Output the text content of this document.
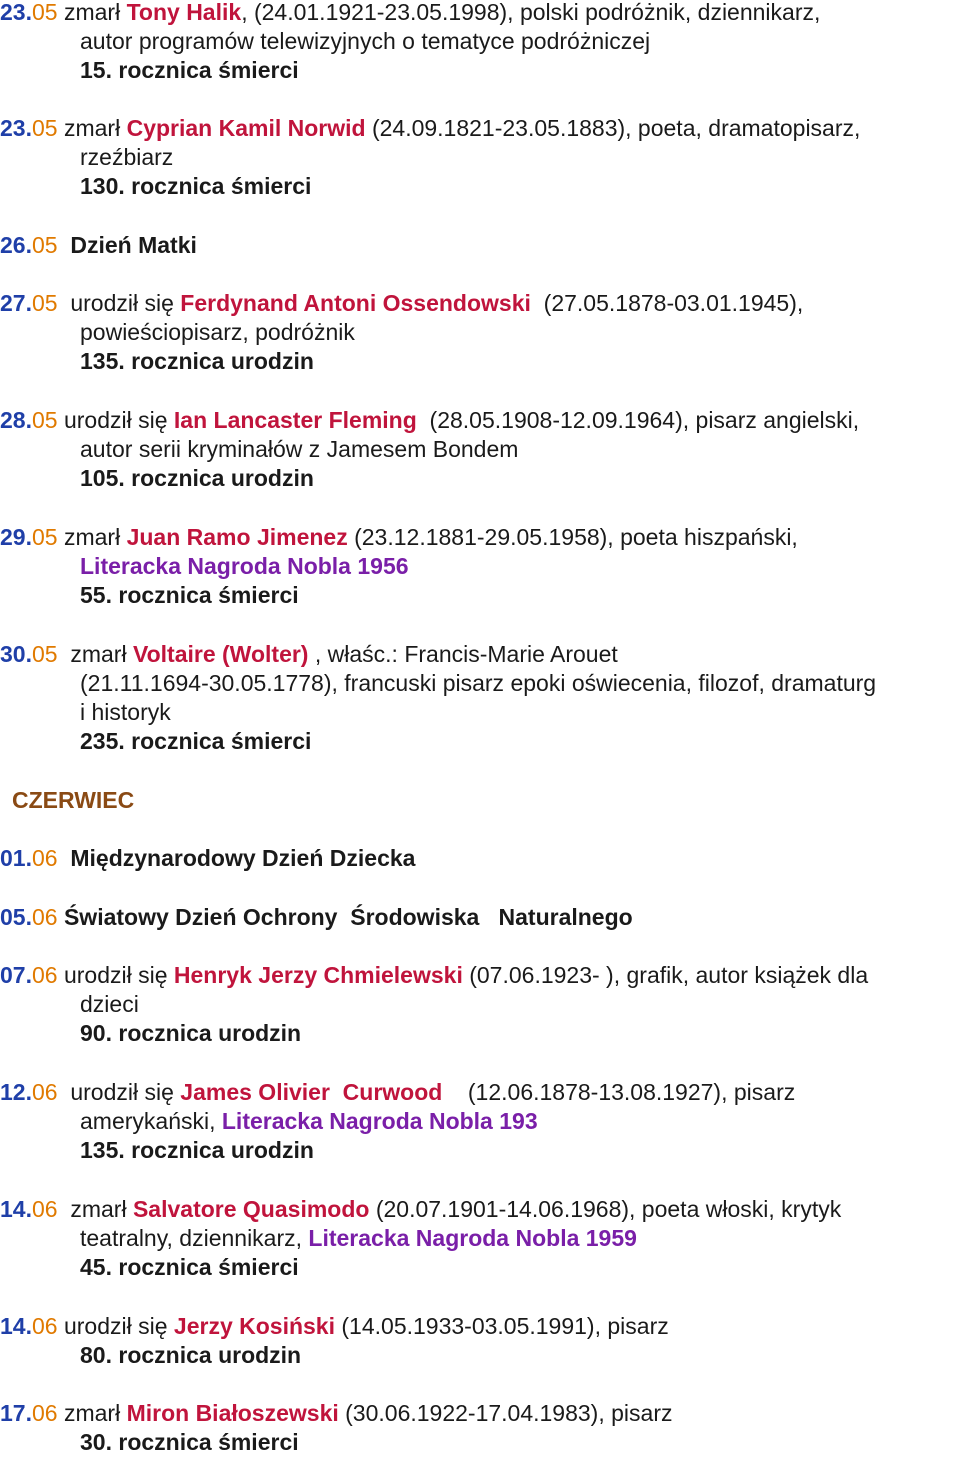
23.05 zmarł Tony Halik, (24.01.1921-23.05.1998), polski podróżnik, dziennikarz,
autor programów telewizyjnych o tematyce podróżniczej
15. rocznica śmierci
23.05 zmarł Cyprian Kamil Norwid (24.09.1821-23.05.1883), poeta, dramatopisarz,
rzeźbiarz
130. rocznica śmierci
26.05  Dzień Matki
27.05  urodził się Ferdynand Antoni Ossendowski  (27.05.1878-03.01.1945),
powieściopisarz, podróżnik
135. rocznica urodzin
28.05 urodził się Ian Lancaster Fleming  (28.05.1908-12.09.1964), pisarz angielski,
autor serii kryminałów z Jamesem Bondem
105. rocznica urodzin
29.05 zmarł Juan Ramo Jimenez (23.12.1881-29.05.1958), poeta hiszpański,
Literacka Nagroda Nobla 1956
55. rocznica śmierci
30.05  zmarł Voltaire (Wolter) , właśc.: Francis-Marie Arouet
(21.11.1694-30.05.1778), francuski pisarz epoki oświecenia, filozof, dramaturg
i historyk
235. rocznica śmierci
CZERWIEC
01.06  Międzynarodowy Dzień Dziecka
05.06 Światowy Dzień Ochrony  Środowiska   Naturalnego
07.06 urodził się Henryk Jerzy Chmielewski (07.06.1923- ), grafik, autor książek dla
dzieci
90. rocznica urodzin
12.06  urodził się James Olivier  Curwood    (12.06.1878-13.08.1927), pisarz
amerykański, Literacka Nagroda Nobla 193
135. rocznica urodzin
14.06  zmarł Salvatore Quasimodo (20.07.1901-14.06.1968), poeta włoski, krytyk
teatralny, dziennikarz, Literacka Nagroda Nobla 1959
45. rocznica śmierci
14.06 urodził się Jerzy Kosiński (14.05.1933-03.05.1991), pisarz
80. rocznica urodzin
17.06 zmarł Miron Białoszewski (30.06.1922-17.04.1983), pisarz
30. rocznica śmierci
